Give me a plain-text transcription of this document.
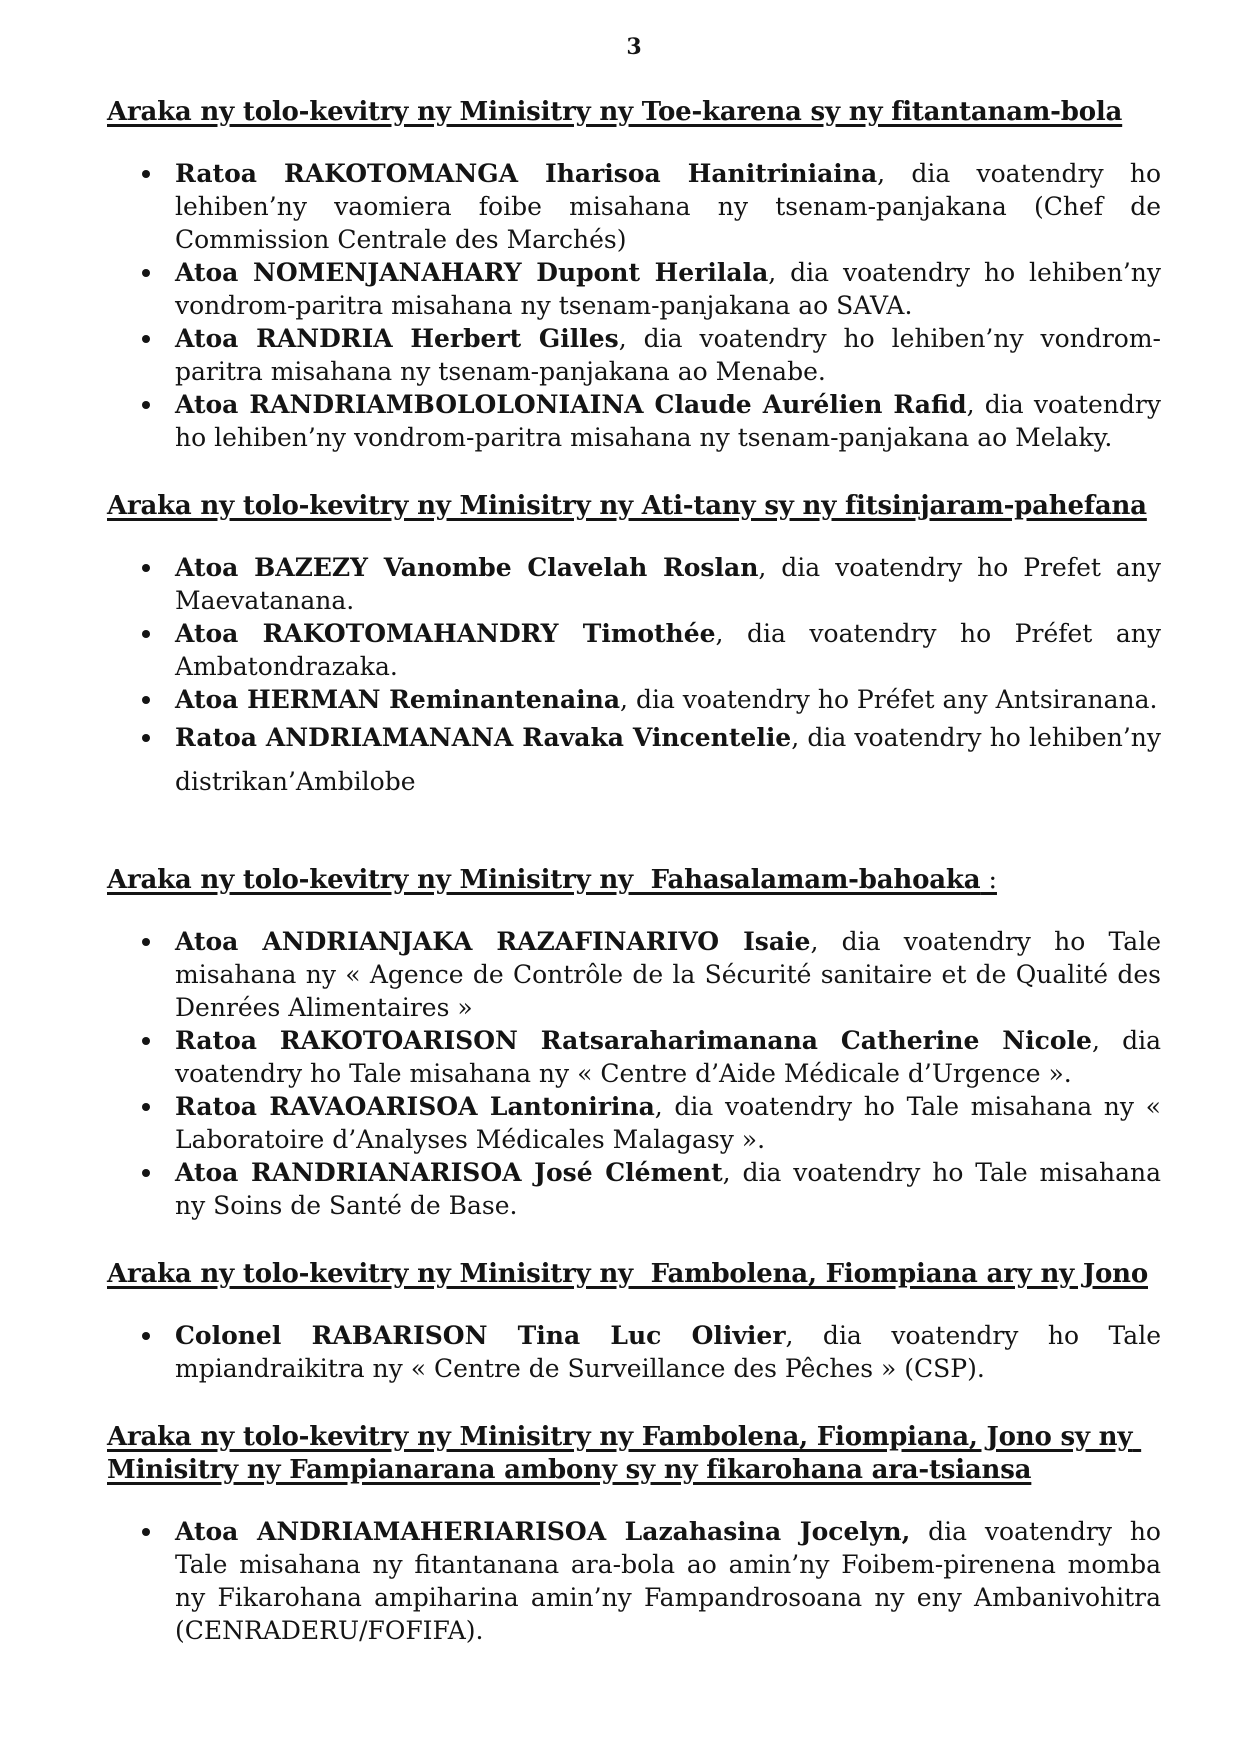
3
Araka ny tolo-kevitry ny Minisitry ny Toe-karena sy ny fitantanam-bola
Ratoa RAKOTOMANGA Iharisoa Hanitriniaina, dia voatendry ho lehiben’ny vaomiera foibe misahana ny tsenam-panjakana (Chef de Commission Centrale des Marchés)
Atoa NOMENJANAHARY Dupont Herilala, dia voatendry ho lehiben’ny vondrom-paritra misahana ny tsenam-panjakana ao SAVA.
Atoa RANDRIA Herbert Gilles, dia voatendry ho lehiben’ny vondrom-paritra misahana ny tsenam-panjakana ao Menabe.
Atoa RANDRIAMBOLOLONIAINA Claude Aurélien Rafid, dia voatendry ho lehiben’ny vondrom-paritra misahana ny tsenam-panjakana ao Melaky.
Araka ny tolo-kevitry ny Minisitry ny Ati-tany sy ny fitsinjaram-pahefana
Atoa BAZEZY Vanombe Clavelah Roslan, dia voatendry ho Prefet any Maevatanana.
Atoa RAKOTOMAHANDRY Timothée, dia voatendry ho Préfet any Ambatondrazaka.
Atoa HERMAN Reminantenaina, dia voatendry ho Préfet any Antsiranana.
Ratoa ANDRIAMANANA Ravaka Vincentelie, dia voatendry ho lehiben’ny distrikan’Ambilobe
Araka ny tolo-kevitry ny Minisitry ny  Fahasalamam-bahoaka :
Atoa ANDRIANJAKA RAZAFINARIVO Isaie, dia voatendry ho Tale misahana ny « Agence de Contrôle de la Sécurité sanitaire et de Qualité des Denrées Alimentaires »
Ratoa RAKOTOARISON Ratsaraharimanana Catherine Nicole, dia voatendry ho Tale misahana ny « Centre d’Aide Médicale d’Urgence ».
Ratoa RAVAOARISOA Lantonirina, dia voatendry ho Tale misahana ny « Laboratoire d’Analyses Médicales Malagasy ».
Atoa RANDRIANARISOA José Clément, dia voatendry ho Tale misahana ny Soins de Santé de Base.
Araka ny tolo-kevitry ny Minisitry ny  Fambolena, Fiompiana ary ny Jono
Colonel RABARISON Tina Luc Olivier, dia voatendry ho Tale mpiandraikitra ny « Centre de Surveillance des Pêches » (CSP).
Araka ny tolo-kevitry ny Minisitry ny Fambolena, Fiompiana, Jono sy ny Minisitry ny Fampianarana ambony sy ny fikarohana ara-tsiansa
Atoa ANDRIAMAHERIARISOA Lazahasina Jocelyn, dia voatendry ho Tale misahana ny fitantanana ara-bola ao amin’ny Foibem-pirenena momba ny Fikarohana ampiharina amin’ny Fampandrosoana ny eny Ambanivohitra (CENRADERU/FOFIFA).
